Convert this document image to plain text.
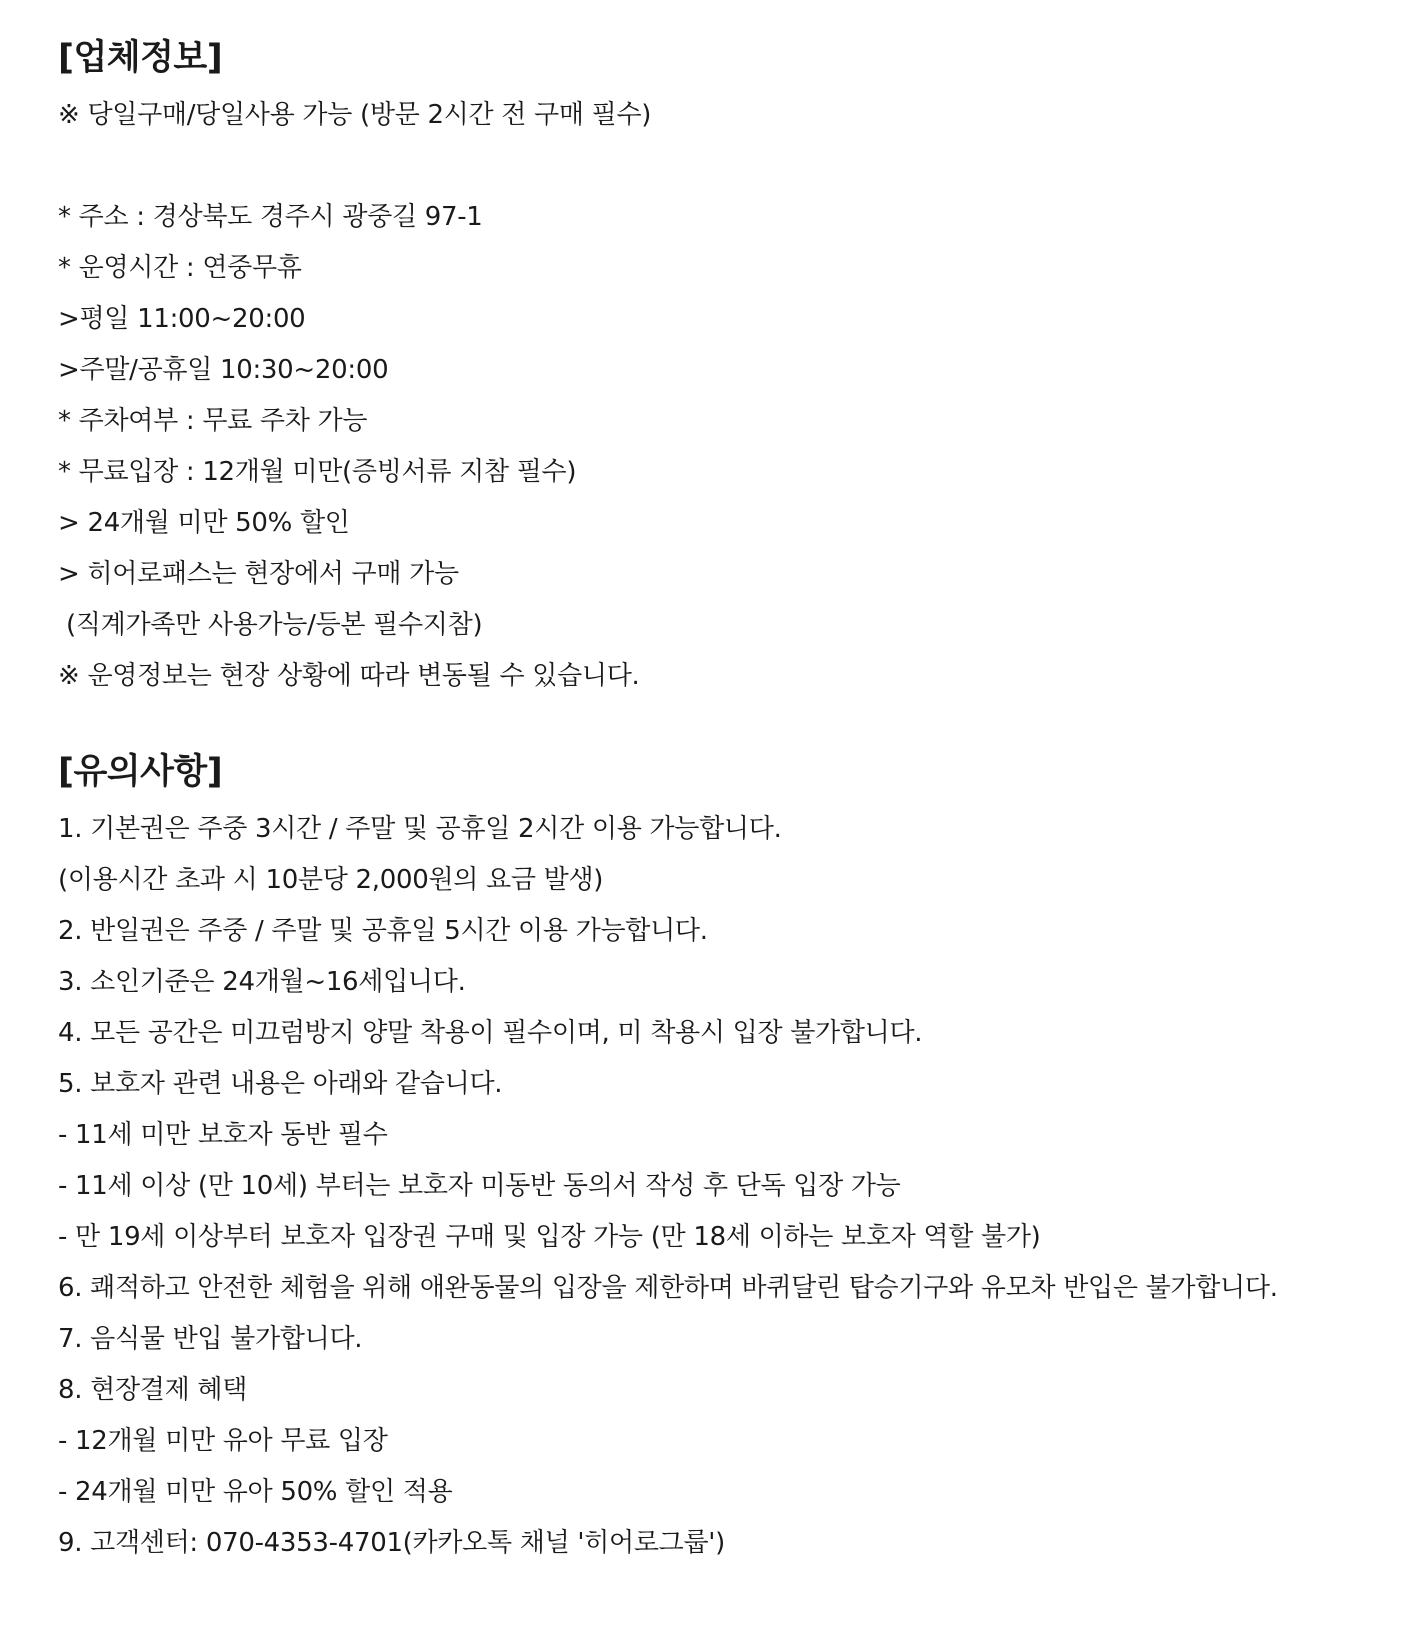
[업체정보]
※ 당일구매/당일사용 가능 (방문 2시간 전 구매 필수)
* 주소 : 경상북도 경주시 광중길 97-1
* 운영시간 : 연중무휴
>평일 11:00~20:00
>주말/공휴일 10:30~20:00
* 주차여부 : 무료 주차 가능
* 무료입장 : 12개월 미만(증빙서류 지참 필수)
> 24개월 미만 50% 할인
> 히어로패스는 현장에서 구매 가능
(직계가족만 사용가능/등본 필수지참)
※ 운영정보는 현장 상황에 따라 변동될 수 있습니다.
[유의사항]
1. 기본권은 주중 3시간 / 주말 및 공휴일 2시간 이용 가능합니다.
(이용시간 초과 시 10분당 2,000원의 요금 발생)
2. 반일권은 주중 / 주말 및 공휴일 5시간 이용 가능합니다.
3. 소인기준은 24개월~16세입니다.
4. 모든 공간은 미끄럼방지 양말 착용이 필수이며, 미 착용시 입장 불가합니다.
5. 보호자 관련 내용은 아래와 같습니다.
- 11세 미만 보호자 동반 필수
- 11세 이상 (만 10세) 부터는 보호자 미동반 동의서 작성 후 단독 입장 가능
- 만 19세 이상부터 보호자 입장권 구매 및 입장 가능 (만 18세 이하는 보호자 역할 불가)
6. 쾌적하고 안전한 체험을 위해 애완동물의 입장을 제한하며 바퀴달린 탑승기구와 유모차 반입은 불가합니다.
7. 음식물 반입 불가합니다.
8. 현장결제 혜택
- 12개월 미만 유아 무료 입장
- 24개월 미만 유아 50% 할인 적용
9. 고객센터: 070-4353-4701(카카오톡 채널 '히어로그룹')
